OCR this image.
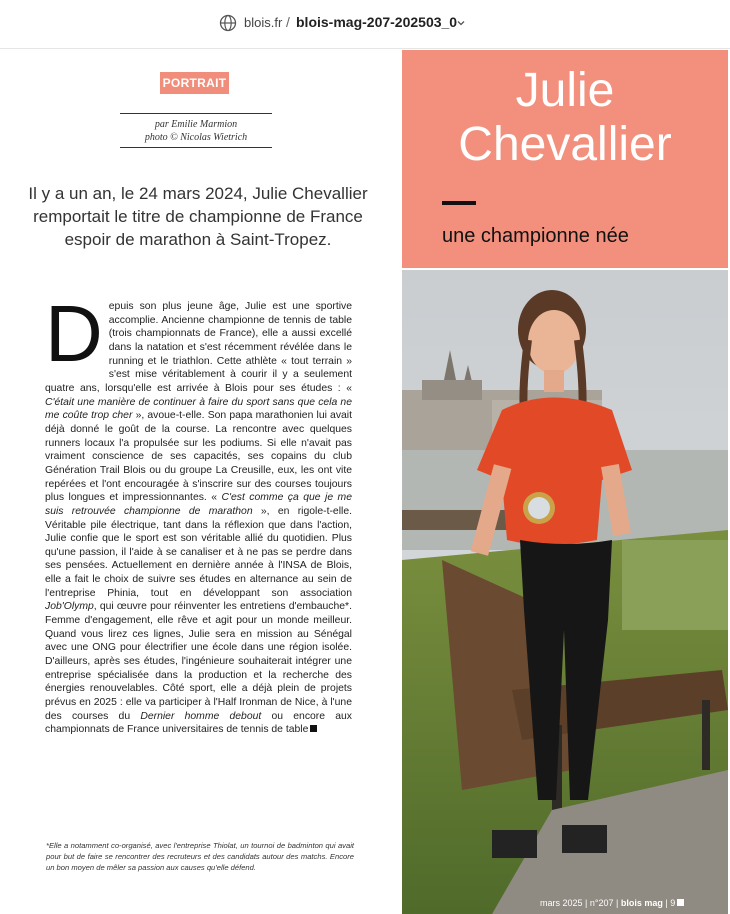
blois.fr / blois-mag-207-202503_0
PORTRAIT
par Emilie Marmion
photo © Nicolas Wietrich
Il y a un an, le 24 mars 2024, Julie Chevallier remportait le titre de championne de France espoir de marathon à Saint-Tropez.

Depuis son plus jeune âge, Julie est une sportive accomplie. Ancienne championne de tennis de table (trois championnats de France), elle a aussi excellé dans la natation et s'est récemment révélée dans le running et le triathlon. Cette athlète « tout terrain » s'est mise véritablement à courir il y a seulement quatre ans, lorsqu'elle est arrivée à Blois pour ses études : « C'était une manière de continuer à faire du sport sans que cela ne me coûte trop cher », avoue-t-elle. Son papa marathonien lui avait déjà donné le goût de la course. La rencontre avec quelques runners locaux l'a propulsée sur les podiums. Si elle n'avait pas vraiment conscience de ses capacités, ses copains du club Génération Trail Blois ou du groupe La Creusille, eux, les ont vite repérées et l'ont encouragée à s'inscrire sur des courses toujours plus longues et impressionnantes. « C'est comme ça que je me suis retrouvée championne de marathon », en rigole-t-elle. Véritable pile électrique, tant dans la réflexion que dans l'action, Julie confie que le sport est son véritable allié du quotidien. Plus qu'une passion, il l'aide à se canaliser et à ne pas se perdre dans ses pensées. Actuellement en dernière année à l'INSA de Blois, elle a fait le choix de suivre ses études en alternance au sein de l'entreprise Phinia, tout en développant son association Job'Olymp, qui œuvre pour réinventer les entretiens d'embauche*. Femme d'engagement, elle rêve et agit pour un monde meilleur. Quand vous lirez ces lignes, Julie sera en mission au Sénégal avec une ONG pour électrifier une école dans une région isolée. D'ailleurs, après ses études, l'ingénieure souhaiterait intégrer une entreprise spécialisée dans la production et la recherche des énergies renouvelables. Côté sport, elle a déjà plein de projets prévus en 2025 : elle va participer à l'Half Ironman de Nice, à l'une des courses du Dernier homme debout ou encore aux championnats de France universitaires de tennis de table

*Elle a notamment co-organisé, avec l'entreprise Thiolat, un tournoi de badminton qui avait pour but de faire se rencontrer des recruteurs et des candidats autour des matchs. Encore un bon moyen de mêler sa passion aux causes qu'elle défend.
Julie
Chevallier
une championne née
mars 2025 | n°207 | blois mag | 9
